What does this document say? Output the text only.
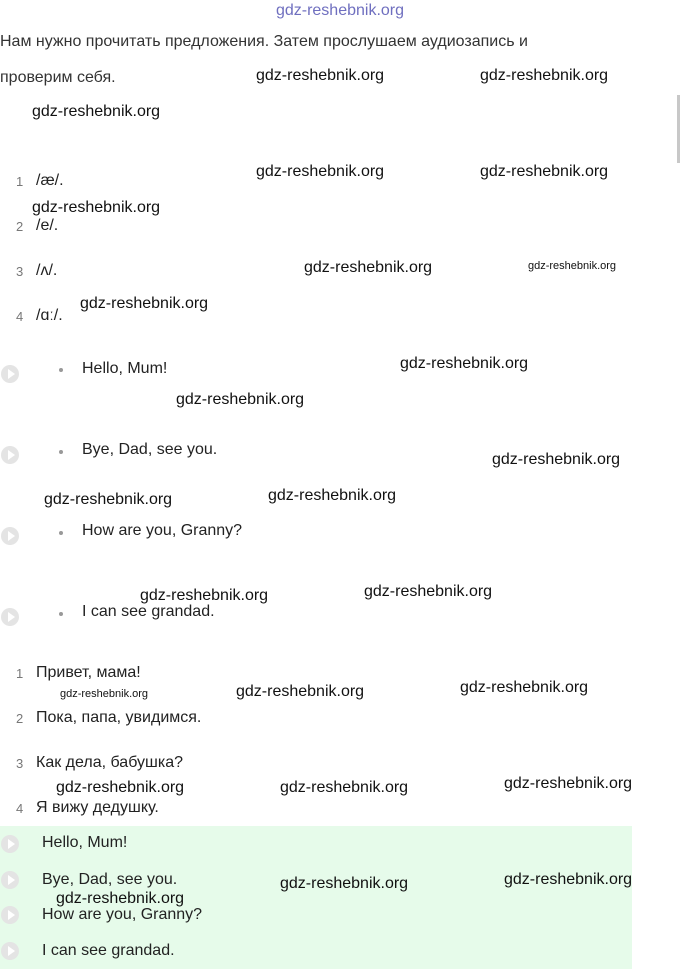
gdz-reshebnik.org
Нам нужно прочитать предложения. Затем прослушаем аудиозапись и
проверим себя.
1 /æ/.
2 /e/.
3 /ʌ/.
4 /ɑː/.
Hello, Mum!
Bye, Dad, see you.
How are you, Granny?
I can see grandad.
1 Привет, мама!
2 Пока, папа, увидимся.
3 Как дела, бабушка?
4 Я вижу дедушку.
Hello, Mum!
Bye, Dad, see you.
How are you, Granny?
I can see grandad.
gdz-reshebnik.org	gdz-reshebnik.org
gdz-reshebnik.org
gdz-reshebnik.org	gdz-reshebnik.org
gdz-reshebnik.org
gdz-reshebnik.org	gdz-reshebnik.org
gdz-reshebnik.org
gdz-reshebnik.org
gdz-reshebnik.org
gdz-reshebnik.org
gdz-reshebnik.org	gdz-reshebnik.org
gdz-reshebnik.org	gdz-reshebnik.org
gdz-reshebnik.org
gdz-reshebnik.org	gdz-reshebnik.org
gdz-reshebnik.org
gdz-reshebnik.org	gdz-reshebnik.org
gdz-reshebnik.org
gdz-reshebnik.org
gdz-reshebnik.org
